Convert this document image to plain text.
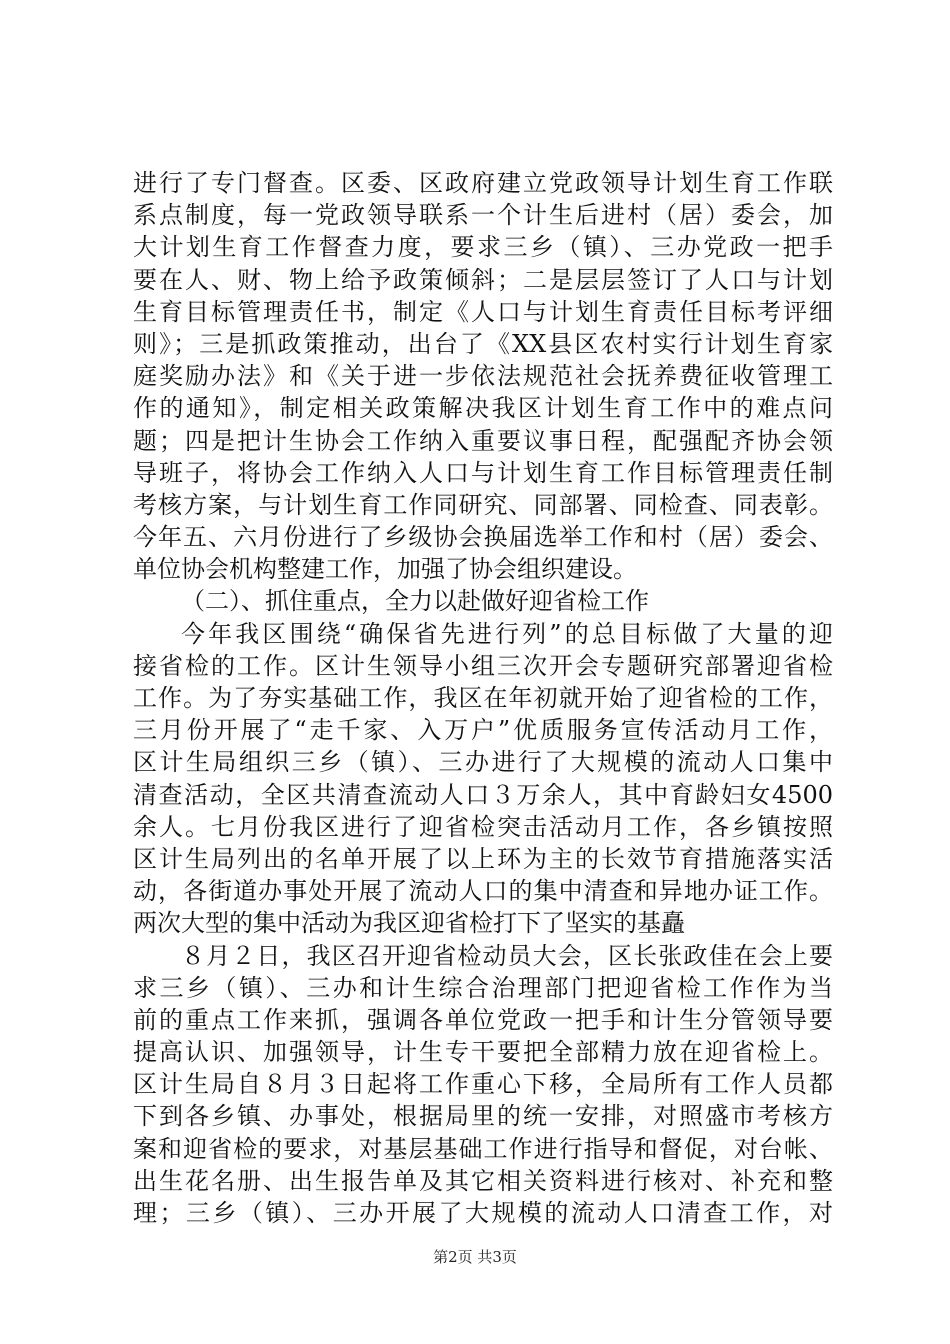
进行了专门督查。区委、区政府建立党政领导计划生育工作联
系点制度，每一党政领导联系一个计生后进村（居）委会，加
大计划生育工作督查力度，要求三乡（镇）、三办党政一把手
要在人、财、物上给予政策倾斜；二是层层签订了人口与计划
生育目标管理责任书，制定《人口与计划生育责任目标考评细
则》；三是抓政策推动，出台了《XX县区农村实行计划生育家
庭奖励办法》和《关于进一步依法规范社会抚养费征收管理工
作的通知》，制定相关政策解决我区计划生育工作中的难点问
题；四是把计生协会工作纳入重要议事日程，配强配齐协会领
导班子，将协会工作纳入人口与计划生育工作目标管理责任制
考核方案，与计划生育工作同研究、同部署、同检查、同表彰。
今年五、六月份进行了乡级协会换届选举工作和村（居）委会、
单位协会机构整建工作，加强了协会组织建设。
（二）、抓住重点，全力以赴做好迎省检工作
今年我区围绕“确保省先进行列”的总目标做了大量的迎
接省检的工作。区计生领导小组三次开会专题研究部署迎省检
工作。为了夯实基础工作，我区在年初就开始了迎省检的工作，
三月份开展了“走千家、入万户”优质服务宣传活动月工作，
区计生局组织三乡（镇）、三办进行了大规模的流动人口集中
清查活动，全区共清查流动人口３万余人，其中育龄妇女4500
余人。七月份我区进行了迎省检突击活动月工作，各乡镇按照
区计生局列出的名单开展了以上环为主的长效节育措施落实活
动，各街道办事处开展了流动人口的集中清查和异地办证工作。
两次大型的集中活动为我区迎省检打下了坚实的基矗
８月２日，我区召开迎省检动员大会，区长张政佳在会上要
求三乡（镇）、三办和计生综合治理部门把迎省检工作作为当
前的重点工作来抓，强调各单位党政一把手和计生分管领导要
提高认识、加强领导，计生专干要把全部精力放在迎省检上。
区计生局自８月３日起将工作重心下移，全局所有工作人员都
下到各乡镇、办事处，根据局里的统一安排，对照盛市考核方
案和迎省检的要求，对基层基础工作进行指导和督促，对台帐、
出生花名册、出生报告单及其它相关资料进行核对、补充和整
理；三乡（镇）、三办开展了大规模的流动人口清查工作，对
第2页 共3页
